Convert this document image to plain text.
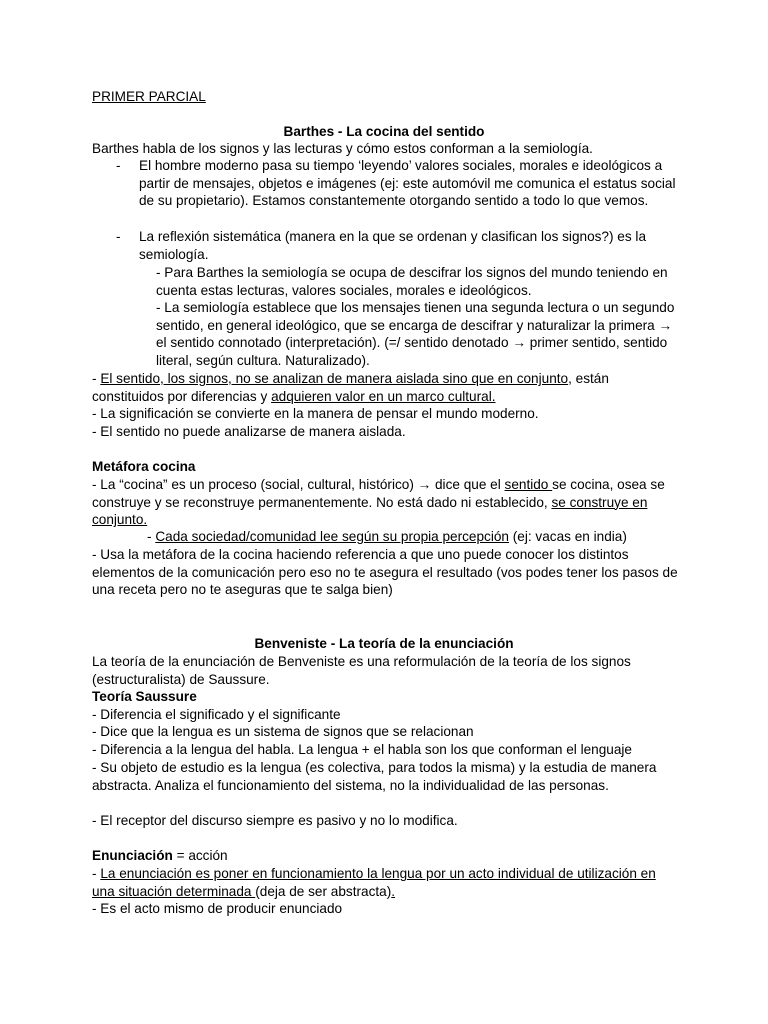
PRIMER PARCIAL

Barthes - La cocina del sentido

Barthes habla de los signos y las lecturas y cómo estos conforman a la semiología.

- El hombre moderno pasa su tiempo ‘leyendo’ valores sociales, morales e ideológicos a partir de mensajes, objetos e imágenes (ej: este automóvil me comunica el estatus social de su propietario). Estamos constantemente otorgando sentido a todo lo que vemos.

- La reflexión sistemática (manera en la que se ordenan y clasifican los signos?) es la semiología.

- Para Barthes la semiología se ocupa de descifrar los signos del mundo teniendo en cuenta estas lecturas, valores sociales, morales e ideológicos.

- La semiología establece que los mensajes tienen una segunda lectura o un segundo sentido, en general ideológico, que se encarga de descifrar y naturalizar la primera → el sentido connotado (interpretación). (=/ sentido denotado → primer sentido, sentido literal, según cultura. Naturalizado).

- El sentido, los signos, no se analizan de manera aislada sino que en conjunto, están constituidos por diferencias y adquieren valor en un marco cultural.

- La significación se convierte en la manera de pensar el mundo moderno.

- El sentido no puede analizarse de manera aislada.

Metáfora cocina

- La “cocina” es un proceso (social, cultural, histórico) → dice que el sentido se cocina, osea se construye y se reconstruye permanentemente. No está dado ni establecido, se construye en conjunto.

- Cada sociedad/comunidad lee según su propia percepción (ej: vacas en india)

- Usa la metáfora de la cocina haciendo referencia a que uno puede conocer los distintos elementos de la comunicación pero eso no te asegura el resultado (vos podes tener los pasos de una receta pero no te aseguras que te salga bien)

Benveniste - La teoría de la enunciación

La teoría de la enunciación de Benveniste es una reformulación de la teoría de los signos (estructuralista) de Saussure.

Teoría Saussure

- Diferencia el significado y el significante

- Dice que la lengua es un sistema de signos que se relacionan

- Diferencia a la lengua del habla. La lengua + el habla son los que conforman el lenguaje

- Su objeto de estudio es la lengua (es colectiva, para todos la misma) y la estudia de manera abstracta. Analiza el funcionamiento del sistema, no la individualidad de las personas.

- El receptor del discurso siempre es pasivo y no lo modifica.

Enunciación = acción

- La enunciación es poner en funcionamiento la lengua por un acto individual de utilización en una situación determinada (deja de ser abstracta).

- Es el acto mismo de producir enunciado
